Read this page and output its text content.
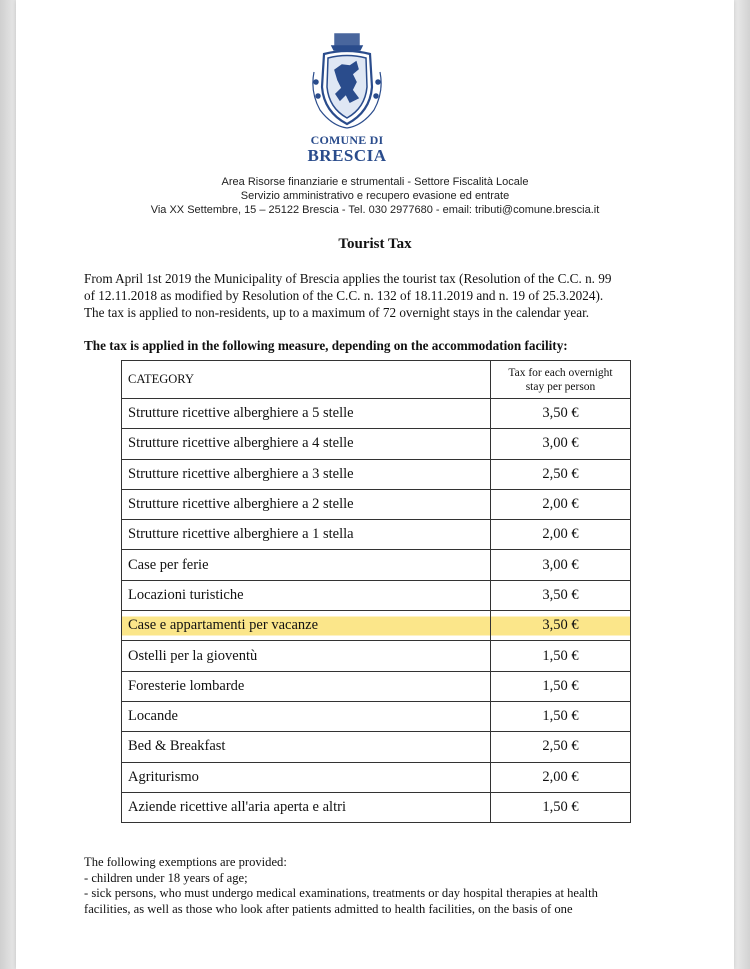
COMUNE DI
BRESCIA
Area Risorse finanziarie e strumentali - Settore Fiscalità Locale
Servizio amministrativo e recupero evasione ed entrate
Via XX Settembre, 15 – 25122 Brescia - Tel. 030 2977680 - email: tributi@comune.brescia.it
Tourist Tax
From April 1st 2019 the Municipality of Brescia applies the tourist tax (Resolution of the C.C. n. 99
of 12.11.2018 as modified by Resolution of the C.C. n. 132 of 18.11.2019 and n. 19 of 25.3.2024).
The tax is applied to non-residents, up to a maximum of 72 overnight stays in the calendar year.
The tax is applied in the following measure, depending on the accommodation facility:
CATEGORY	Tax for each overnight
stay per person

Strutture ricettive alberghiere a 5 stelle	3,50 €
Strutture ricettive alberghiere a 4 stelle	3,00 €
Strutture ricettive alberghiere a 3 stelle	2,50 €
Strutture ricettive alberghiere a 2 stelle	2,00 €
Strutture ricettive alberghiere a 1 stella	2,00 €
Case per ferie	3,00 €
Locazioni turistiche	3,50 €
Case e appartamenti per vacanze	3,50 €
Ostelli per la gioventù	1,50 €
Foresterie lombarde	1,50 €
Locande	1,50 €
Bed & Breakfast	2,50 €
Agriturismo	2,00 €
Aziende ricettive all'aria aperta e altri	1,50 €
The following exemptions are provided:
- children under 18 years of age;
- sick persons, who must undergo medical examinations, treatments or day hospital therapies at health
facilities, as well as those who look after patients admitted to health facilities, on the basis of one
